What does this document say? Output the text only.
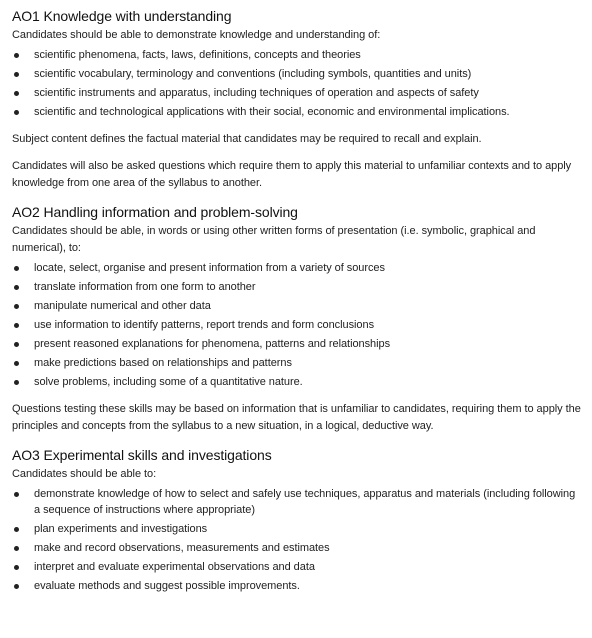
AO1 Knowledge with understanding

Candidates should be able to demonstrate knowledge and understanding of:

scientific phenomena, facts, laws, definitions, concepts and theories
scientific vocabulary, terminology and conventions (including symbols, quantities and units)
scientific instruments and apparatus, including techniques of operation and aspects of safety
scientific and technological applications with their social, economic and environmental implications.

Subject content defines the factual material that candidates may be required to recall and explain.

Candidates will also be asked questions which require them to apply this material to unfamiliar contexts and to apply knowledge from one area of the syllabus to another.

AO2 Handling information and problem-solving

Candidates should be able, in words or using other written forms of presentation (i.e. symbolic, graphical and numerical), to:

locate, select, organise and present information from a variety of sources
translate information from one form to another
manipulate numerical and other data
use information to identify patterns, report trends and form conclusions
present reasoned explanations for phenomena, patterns and relationships
make predictions based on relationships and patterns
solve problems, including some of a quantitative nature.

Questions testing these skills may be based on information that is unfamiliar to candidates, requiring them to apply the principles and concepts from the syllabus to a new situation, in a logical, deductive way.

AO3 Experimental skills and investigations

Candidates should be able to:

demonstrate knowledge of how to select and safely use techniques, apparatus and materials (including following a sequence of instructions where appropriate)
plan experiments and investigations
make and record observations, measurements and estimates
interpret and evaluate experimental observations and data
evaluate methods and suggest possible improvements.
